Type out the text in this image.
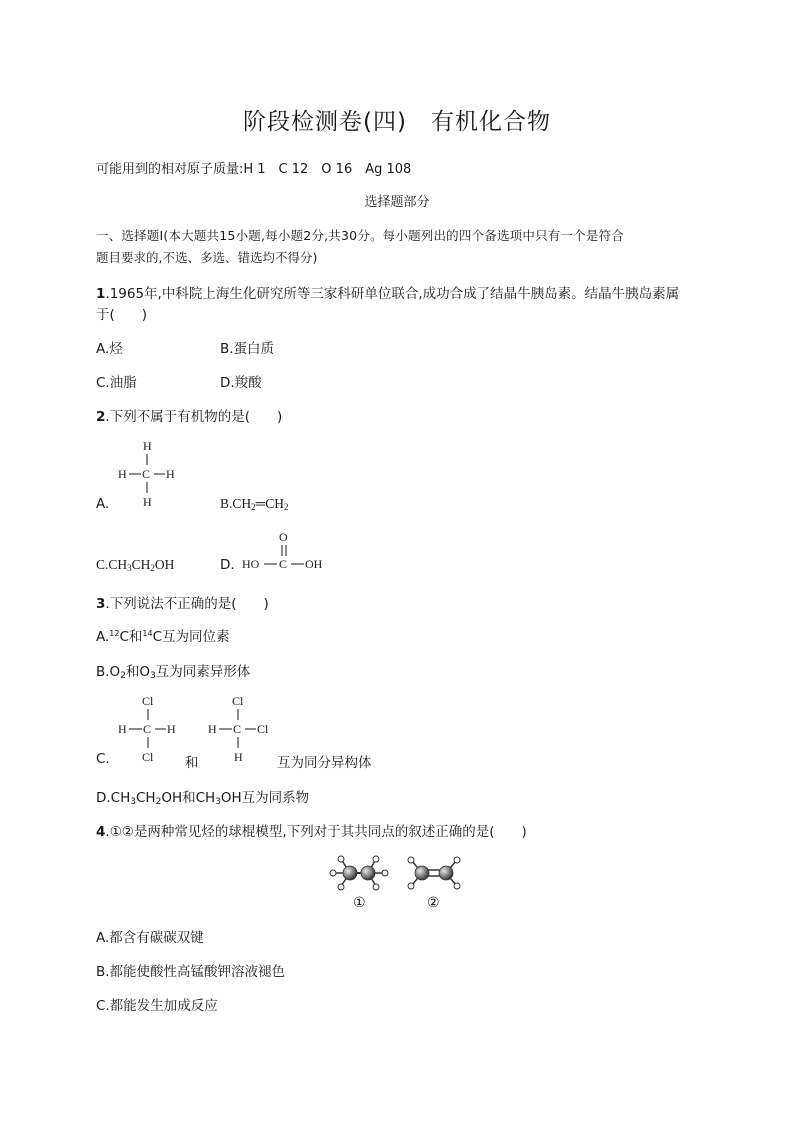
阶段检测卷(四)　有机化合物
可能用到的相对原子质量:H 1　C 12　O 16　Ag 108
选择题部分
一、选择题Ⅰ(本大题共15小题,每小题2分,共30分。每小题列出的四个备选项中只有一个是符合
题目要求的,不选、多选、错选均不得分)
1.1965年,中科院上海生化研究所等三家科研单位联合,成功合成了结晶牛胰岛素。结晶牛胰岛素属
于(　　)
A.烃	B.蛋白质
C.油脂	D.羧酸
2.下列不属于有机物的是(　　)
A.
H
H C H
H	$B.CH_2═CH_2$
$C.CH_3CH_2OH$	D.
O
HO C OH
3.下列说法不正确的是(　　)
A.$^{12}$C和$^{14}$C互为同位素
$B.O_2$和$O_3$互为同素异形体
C.
Cl
H C H
Cl 和
Cl
H C Cl
H	互为同分异构体
$D.CH_3CH_2OH$和$CH_3OH$互为同系物
4.①②是两种常见烃的球棍模型,下列对于其共同点的叙述正确的是(　　)
①	②
A.都含有碳碳双键
B.都能使酸性高锰酸钾溶液褪色
C.都能发生加成反应
